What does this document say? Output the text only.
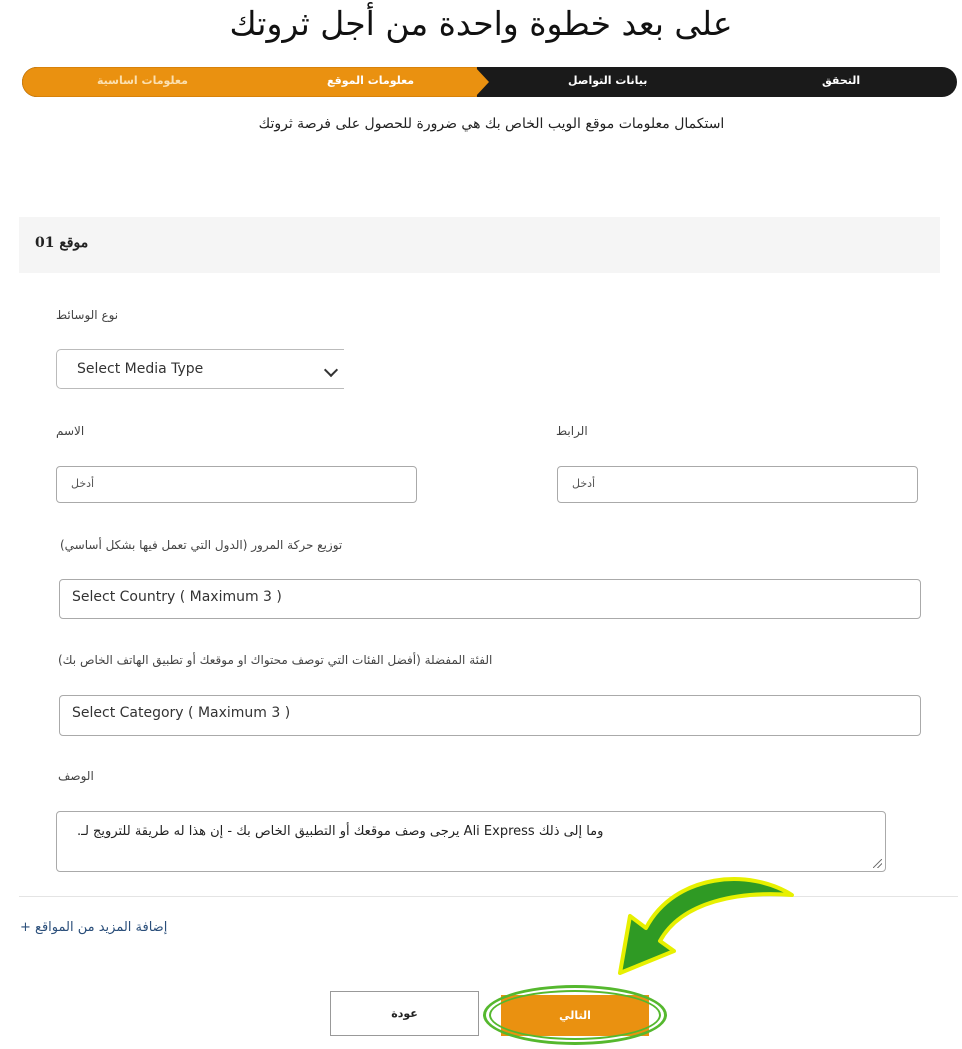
على بعد خطوة واحدة من أجل ثروتك
معلومات اساسية	معلومات الموقع	بيانات التواصل	التحقق
استكمال معلومات موقع الويب الخاص بك هي ضرورة للحصول على فرصة ثروتك
موقع 01
نوع الوسائط
Select Media Type
الاسم
أدخل
الرابط
أدخل
توزيع حركة المرور (الدول التي تعمل فيها بشكل أساسي)
Select Country ( Maximum 3 )
الفئة المفضلة (أفضل الفئات التي توصف محتواك او موقعك أو تطبيق الهاتف الخاص بك)
Select Category ( Maximum 3 )
الوصف
وما إلى ذلك Ali Express يرجى وصف موقعك أو التطبيق الخاص بك - إن هذا له طريقة للترويج لـ.
إضافة المزيد من المواقع +
عودة	التالي
